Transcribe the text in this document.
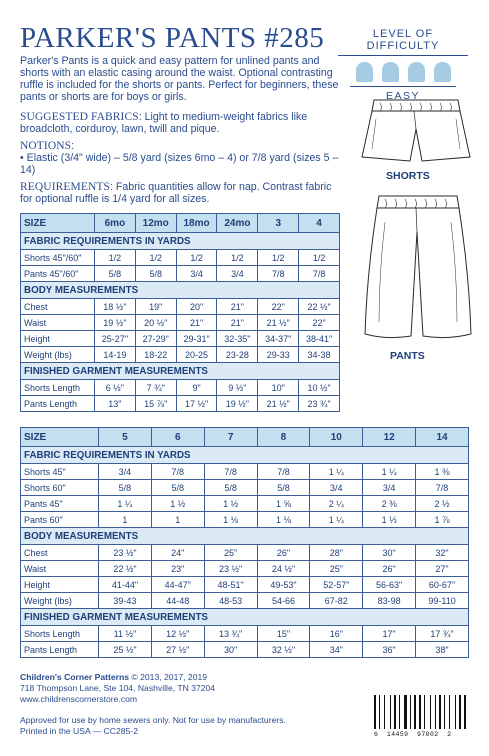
PARKER'S PANTS #285
Parker's Pants is a quick and easy pattern for unlined pants and shorts with an elastic casing around the waist. Optional contrasting ruffle is included for the shorts or pants. Perfect for beginners, these pants or shorts are for boys or girls.

SUGGESTED FABRICS: Light to medium-weight fabrics like broadcloth, corduroy, lawn, twill and pique.

NOTIONS:

• Elastic (3/4" wide) – 5/8 yard (sizes 6mo – 4) or 7/8 yard (sizes 5 – 14)

REQUIREMENTS: Fabric quantities allow for nap. Contrast fabric for optional ruffle is 1/4 yard for all sizes.

LEVEL OF DIFFICULTY
EASY
SHORTS
PANTS
SIZE	6mo	12mo	18mo	24mo	3	4
FABRIC REQUIREMENTS IN YARDS						
Shorts 45"/60"	1/2	1/2	1/2	1/2	1/2	1/2
Pants 45"/60"	5/8	5/8	3/4	3/4	7/8	7/8
BODY MEASUREMENTS						
Chest	18 ½"	19"	20"	21"	22"	22 ½"
Waist	19 ½"	20 ½"	21"	21"	21 ½"	22"
Height	25-27"	27-29"	29-31"	32-35"	34-37"	38-41"
Weight (lbs)	14-19	18-22	20-25	23-28	29-33	34-38
FINISHED GARMENT MEASUREMENTS						
Shorts Length	6 ½"	7 ¾"	9"	9 ½"	10"	10 ½"
Pants Length	13"	15 ⅞"	17 ½"	19 ½"	21 ½"	23 ¾"
SIZE	5	6	7	8	10	12	14
FABRIC REQUIREMENTS IN YARDS							
Shorts 45"	3/4	7/8	7/8	7/8	1 ¼	1 ¼	1 ⅜
Shorts 60"	5/8	5/8	5/8	5/8	3/4	3/4	7/8
Pants 45"	1 ¼	1 ½	1 ½	1 ⅝	2 ¼	2 ⅜	2 ½
Pants 60"	1	1	1 ⅛	1 ⅛	1 ¼	1 ⅓	1 ⅞
BODY MEASUREMENTS							
Chest	23 ½"	24"	25"	26"	28"	30"	32"
Waist	22 ½"	23"	23 ½"	24 ½"	25"	26"	27"
Height	41-44"	44-47"	48-51"	49-53"	52-57"	56-63"	60-67"
Weight (lbs)	39-43	44-48	48-53	54-66	67-82	83-98	99-110
FINISHED GARMENT MEASUREMENTS							
Shorts Length	11 ½"	12 ½"	13 ¾"	15"	16"	17"	17 ¾"
Pants Length	25 ½"	27 ½"	30"	32 ½"	34"	36"	38"
Children's Corner Patterns © 2013, 2017, 2019
718 Thompson Lane, Ste 104, Nashville, TN 37204
www.childrenscornerstore.com
Approved for use by home sewers only. Not for use by manufacturers.
Printed in the USA — CC285-2	6 14459 97002 2
